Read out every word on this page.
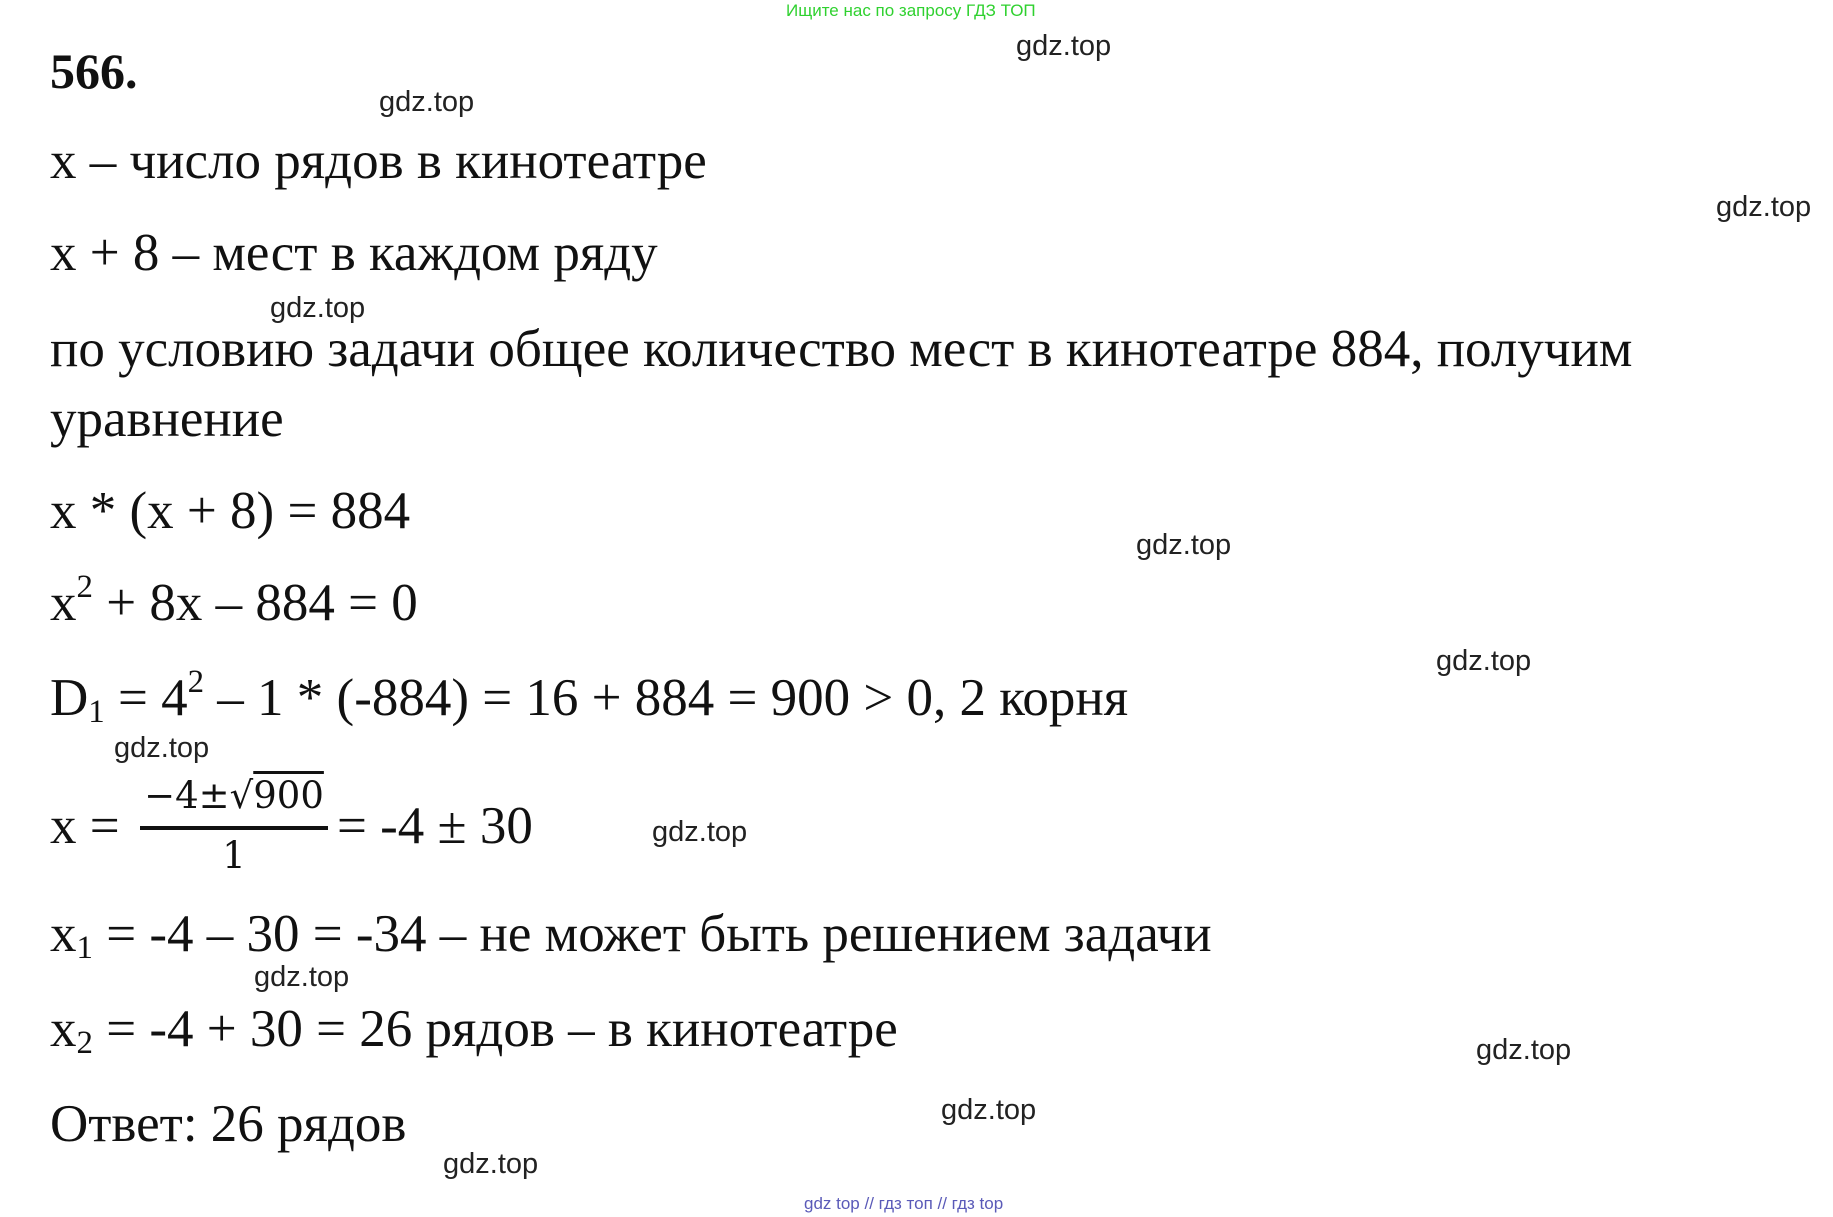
Ищите нас по запросу ГДЗ ТОП
566.
x – число рядов в кинотеатре
x + 8 – мест в каждом ряду
по условию задачи общее количество мест в кинотеатре 884, получим
уравнение
x * (x + 8) = 884
$x^2 + 8x - 884 = 0$
$D_1 = 4^2 - 1 * (-884) = 16 + 884 = 900 > 0$, 2 корня
x =
−4±√900
1
= -4 ± 30
$x_1 = -4 - 30 = -34$ – не может быть решением задачи
$x_2 = -4 + 30 = 26$ рядов – в кинотеатре
Ответ: 26 рядов
gdz.top
gdz.top
gdz.top
gdz.top
gdz.top
gdz.top
gdz.top
gdz.top
gdz.top
gdz.top
gdz.top
gdz.top
gdz top // гдз топ // гдз top
